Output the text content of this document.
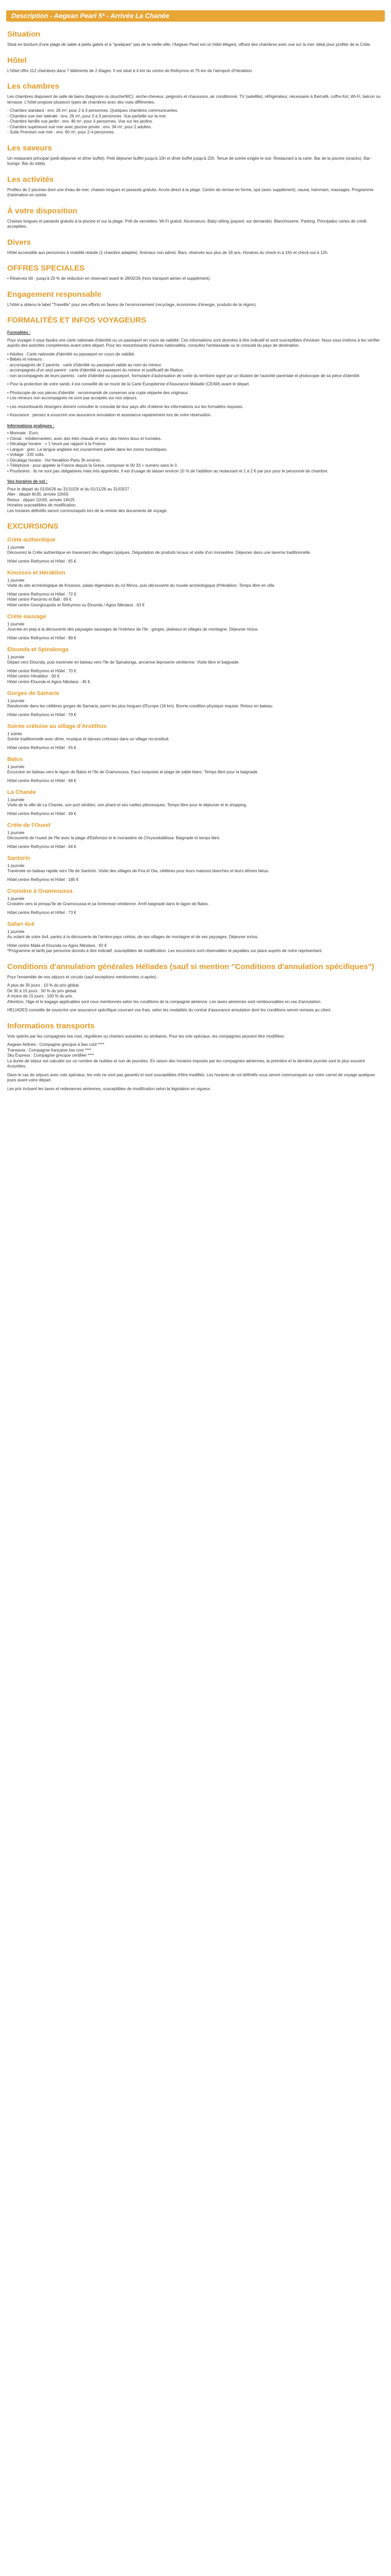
Description - Aegean Pearl 5* - Arrivée La Chanée
Situation

Situé en bordure d'une plage de sable à petits galets et à "quelques" pas de la vieille ville, l'Aegean Pearl est un hôtel élégant, offrant des chambres avec vue sur la mer. Idéal pour profiter de la Crète.

Hôtel

L'hôtel offre 112 chambres dans 7 bâtiments de 2 étages. Il est situé à 4 km du centre de Rethymno et 75 km de l'aéroport d'Héraklion.

Les chambres

Les chambres disposent de salle de bains (baignoire ou douche/WC), sèche-cheveux, peignoirs et chaussons, air conditionné, TV (satellite), réfrigérateur, nécessaire à thé/café, coffre-fort, Wi-Fi, balcon ou terrasse. L'hôtel propose plusieurs types de chambres avec des vues différentes.

- Chambre standard : env. 26 m², pour 2 à 3 personnes. Quelques chambres communicantes.

- Chambre vue mer latérale : env. 26 m², pour 2 à 3 personnes. Vue partielle sur la mer.

- Chambre famille vue jardin : env. 46 m², pour 4 personnes. Vue sur les jardins.

- Chambre supérieure vue mer avec piscine privée : env. 34 m², pour 2 adultes.

- Suite Premium vue mer : env. 60 m², pour 2-4 personnes.

Les saveurs

Un restaurant principal (petit-déjeuner et dîner buffet). Petit déjeuner buffet jusqu'à 10h et dîner buffet jusqu'à 22h. Tenue de soirée exigée le soir. Restaurant à la carte. Bar de la piscine (snacks). Bar-lounge. Bar du lobby.

Les activités

Profitez de 2 piscines dont une d'eau de mer, chaises longues et parasols gratuits. Accès direct à la plage. Centre de remise en forme, spa (avec supplément), sauna, hammam, massages. Programme d'animation en soirée.

À votre disposition

Chaises longues et parasols gratuits à la piscine et sur la plage. Prêt de serviettes. Wi-Fi gratuit. Ascenseurs. Baby-sitting (payant, sur demande). Blanchisserie. Parking. Principales cartes de crédit acceptées.

Divers

Hôtel accessible aux personnes à mobilité réduite (1 chambre adaptée). Animaux non admis. Bars, réservés aux plus de 18 ans. Horaires du check-in à 15h et check-out à 12h.

OFFRES SPECIALES

• Réservez tôt : jusqu'à 20 % de réduction en réservant avant le 28/02/26 (hors transport aérien et supplément).

Engagement responsable

L'hôtel a obtenu le label "Travelife" pour ses efforts en faveur de l'environnement (recyclage, économies d'énergie, produits de la région).

FORMALITÉS ET INFOS VOYAGEURS

Formalités :

Pour voyager il vous faudra une carte nationale d'identité ou un passeport en cours de validité. Ces informations sont données à titre indicatif et sont susceptibles d'évoluer. Nous vous invitons à les vérifier auprès des autorités compétentes avant votre départ. Pour les ressortissants d'autres nationalités, consultez l'ambassade ou le consulat du pays de destination.

• Adultes : Carte nationale d'identité ou passeport en cours de validité.

• Bébés et mineurs :

- accompagnés de 2 parents : carte d'identité ou passeport valide au nom du mineur.

- accompagnés d'un seul parent : carte d'identité ou passeport du mineur et justificatif de filiation.

- non accompagnés de leurs parents : carte d'identité ou passeport, formulaire d'autorisation de sortie du territoire signé par un titulaire de l'autorité parentale et photocopie de sa pièce d'identité.

• Pour la protection de votre santé, il est conseillé de se munir de la Carte Européenne d'Assurance Maladie (CEAM) avant le départ.

• Photocopie de vos pièces d'identité : recommandé de conserver une copie séparée des originaux.

• Les mineurs non accompagnés ne sont pas acceptés sur nos séjours.

• Les ressortissants étrangers doivent consulter le consulat de leur pays afin d'obtenir les informations sur les formalités requises.

• Assurance : pensez à souscrire une assurance annulation et assistance rapatriement lors de votre réservation.

Informations pratiques :

• Monnaie : Euro.

• Climat : méditerranéen, avec des étés chauds et secs, des hivers doux et humides.

• Décalage horaire : + 1 heure par rapport à la France.

• Langue : grec. La langue anglaise est couramment parlée dans les zones touristiques.

• Voltage : 220 volts.

• Décalage horaire : Vol Heraklion-Paris 3h environ.

• Téléphone : pour appeler la France depuis la Grèce, composer le 00 33 + numéro sans le 0.

• Pourboires : ils ne sont pas obligatoires mais très appréciés. Il est d'usage de laisser environ 10 % de l'addition au restaurant et 1 à 2 € par jour pour le personnel de chambre.

Vos horaires de vol :

Pour le départ du 01/04/26 au 31/10/26 et du 01/11/26 au 31/03/27 :

Aller : départ 6h35, arrivée 10h55

Retour : départ 11h50, arrivée 14h25

Horaires susceptibles de modification.

Les horaires définitifs seront communiqués lors de la remise des documents de voyage.

EXCURSIONS
Crète authentique

1 journée

Découvrez la Crète authentique en traversant des villages typiques. Dégustation de produits locaux et visite d'un monastère. Déjeuner dans une taverne traditionnelle.

Hôtel centre Rethymno et Hôtel : 65 €

Knossos et Héraklion

1 journée

Visite du site archéologique de Knossos, palais légendaire du roi Minos, puis découverte du musée archéologique d'Héraklion. Temps libre en ville.

Hôtel centre Rethymno et Hôtel : 72 €

Hôtel centre Panormo et Bali : 69 €

Hôtel centre Georgioupolis et Rethymno ou Elounda / Agios Nikolaos : 63 €

Crète sauvage

1 journée

Journée en jeep à la découverte des paysages sauvages de l'intérieur de l'île : gorges, plateaux et villages de montagne. Déjeuner inclus.

Hôtel centre Rethymno et Hôtel : 89 €

Elounda et Spinalonga

1 journée

Départ vers Elounda, puis traversée en bateau vers l'île de Spinalonga, ancienne léproserie vénitienne. Visite libre et baignade.

Hôtel centre Rethymno et Hôtel : 70 €

Hôtel centre Héraklion : 60 €

Hôtel centre Elounda et Agios Nikolaos : 45 €

Gorges de Samaria

1 journée

Randonnée dans les célèbres gorges de Samaria, parmi les plus longues d'Europe (16 km). Bonne condition physique requise. Retour en bateau.

Hôtel centre Rethymno et Hôtel : 79 €

Soirée crétoise au village d'Arolithos

1 soirée

Soirée traditionnelle avec dîner, musique et danses crétoises dans un village reconstitué.

Hôtel centre Rethymno et Hôtel : 55 €

Balos

1 journée

Excursion en bateau vers le lagon de Balos et l'île de Gramvoussa. Eaux turquoise et plage de sable blanc. Temps libre pour la baignade.

Hôtel centre Rethymno et Hôtel : 68 €

La Chanée

1 journée

Visite de la ville de La Chanée, son port vénitien, son phare et ses ruelles pittoresques. Temps libre pour le déjeuner et le shopping.

Hôtel centre Rethymno et Hôtel : 49 €

Crète de l'Ouest

1 journée

Découverte de l'ouest de l'île avec la plage d'Elafonissi et le monastère de Chrysoskalitissa. Baignade et temps libre.

Hôtel centre Rethymno et Hôtel : 64 €

Santorin

1 journée

Traversée en bateau rapide vers l'île de Santorin. Visite des villages de Fira et Oia, célèbres pour leurs maisons blanches et leurs dômes bleus.

Hôtel centre Rethymno et Hôtel : 185 €

Croisière à Gramvoussa

1 journée

Croisière vers la presqu'île de Gramvoussa et sa forteresse vénitienne. Arrêt baignade dans le lagon de Balos.

Hôtel centre Rethymno et Hôtel : 73 €

Safari 4x4

1 journée

Au volant de votre 4x4, partez à la découverte de l'arrière-pays crétois, de ses villages de montagne et de ses paysages. Déjeuner inclus.

Hôtel centre Malia et Elounda ou Agios Nikolaos : 92 €

*Programme et tarifs par personne donnés à titre indicatif, susceptibles de modification. Les excursions sont réservables et payables sur place auprès de notre représentant.

Conditions d'annulation générales Héliades (sauf si mention "Conditions d'annulation spécifiques")

Pour l'ensemble de nos séjours et circuits (sauf exceptions mentionnées ci-après) :

A plus de 30 jours : 10 % du prix global.

De 30 à 15 jours : 50 % du prix global.

A moins de 15 jours : 100 % du prix.

Attention, l'âge et le bagage applicables sont ceux mentionnés selon les conditions de la compagnie aérienne. Les taxes aériennes sont remboursables en cas d'annulation.

HELIADES conseille de souscrire une assurance spécifique couvrant vos frais, selon les modalités du contrat d'assurance annulation dont les conditions seront remises au client.

Informations transports

Vols opérés par les compagnies low cost, régulières ou charters suivantes ou similaires. Pour les vols spéciaux, les compagnies peuvent être modifiées.

Aegean Airlines : Compagnie grecque à bas coût ****

Transavia : Compagnie française low cost ****

Sky Express : Compagnie grecque certifiée ****

La durée de séjour est calculée sur un nombre de nuitées et non de journées. En raison des horaires imposés par les compagnies aériennes, la première et la dernière journée sont le plus souvent écourtées.

Dans le cas de séjours avec vols spéciaux, les vols ne sont pas garantis et sont susceptibles d'être modifiés. Les horaires de vol définitifs vous seront communiqués sur votre carnet de voyage quelques jours avant votre départ.

Les prix incluent les taxes et redevances aériennes, susceptibles de modification selon la législation en vigueur.
